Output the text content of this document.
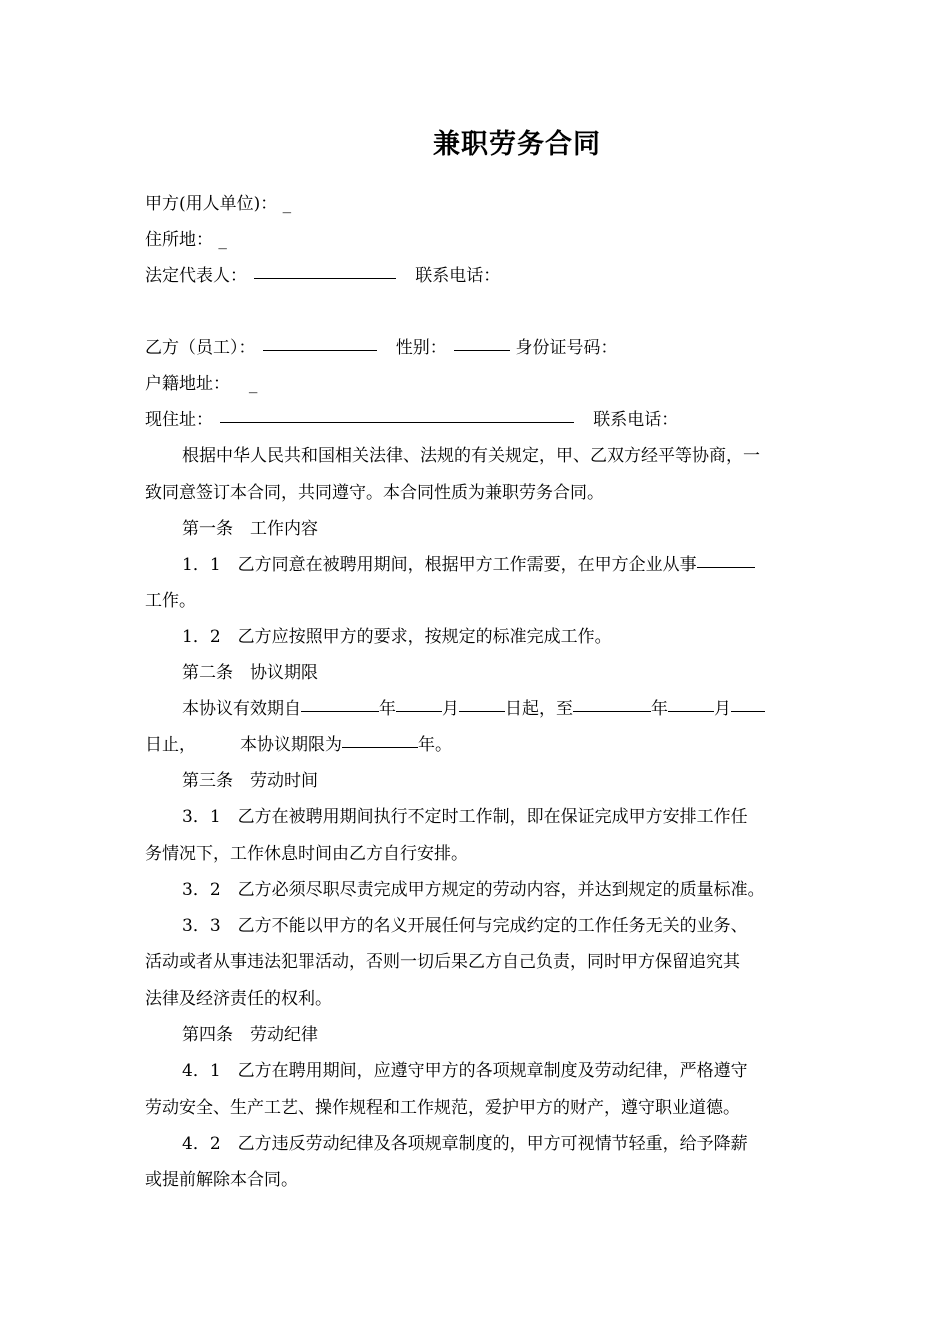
兼职劳务合同
甲方(用人单位)： _
住所地： _
法定代表人：	联系电话：
乙方（员工）：	性别：	身份证号码：
户籍地址： _
现住址：	联系电话：
根据中华人民共和国相关法律、法规的有关规定，甲、乙双方经平等协商，一
致同意签订本合同，共同遵守。本合同性质为兼职劳务合同。
第一条　工作内容
1．1　乙方同意在被聘用期间，根据甲方工作需要，在甲方企业从事
工作。
1．2　乙方应按照甲方的要求，按规定的标准完成工作。
第二条　协议期限
本协议有效期自	年	月	日起，至	年	月
日止，	本协议期限为	年。
第三条　劳动时间
3．1　乙方在被聘用期间执行不定时工作制，即在保证完成甲方安排工作任
务情况下，工作休息时间由乙方自行安排。
3．2　乙方必须尽职尽责完成甲方规定的劳动内容，并达到规定的质量标准。
3．3　乙方不能以甲方的名义开展任何与完成约定的工作任务无关的业务、
活动或者从事违法犯罪活动，否则一切后果乙方自己负责，同时甲方保留追究其
法律及经济责任的权利。
第四条　劳动纪律
4．1　乙方在聘用期间，应遵守甲方的各项规章制度及劳动纪律，严格遵守
劳动安全、生产工艺、操作规程和工作规范，爱护甲方的财产，遵守职业道德。
4．2　乙方违反劳动纪律及各项规章制度的，甲方可视情节轻重，给予降薪
或提前解除本合同。
